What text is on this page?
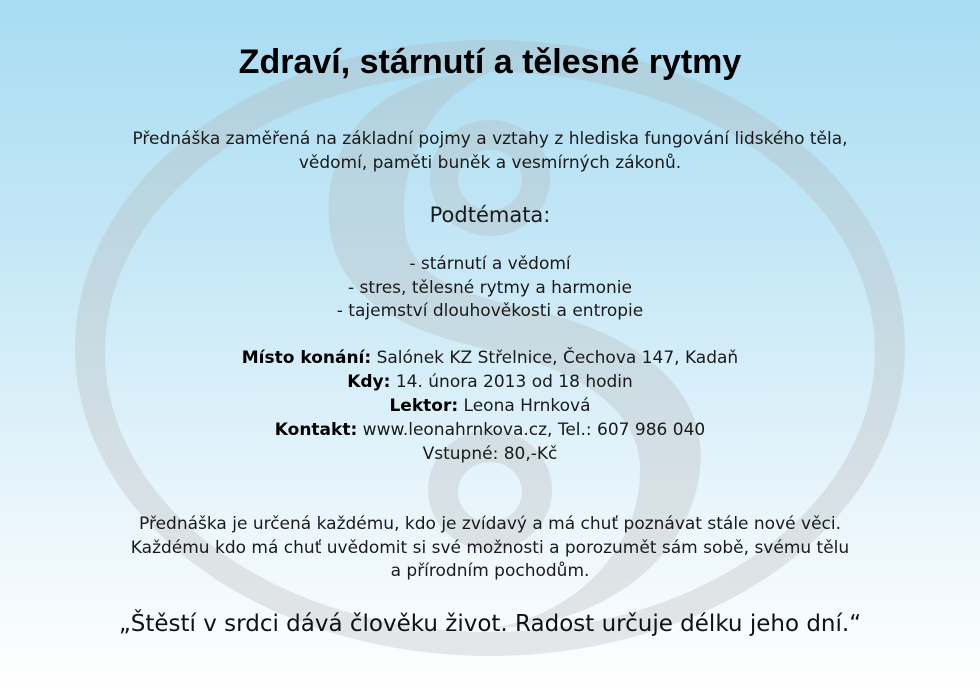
Zdraví, stárnutí a tělesné rytmy
Přednáška zaměřená na základní pojmy a vztahy z hlediska fungování lidského těla,
vědomí, paměti buněk a vesmírných zákonů.
Podtémata:
- stárnutí a vědomí
- stres, tělesné rytmy a harmonie
- tajemství dlouhověkosti a entropie
Místo konání: Salónek KZ Střelnice, Čechova 147, Kadaň
Kdy: 14. února 2013 od 18 hodin
Lektor: Leona Hrnková
Kontakt: www.leonahrnkova.cz, Tel.: 607 986 040
Vstupné: 80,-Kč
Přednáška je určená každému, kdo je zvídavý a má chuť poznávat stále nové věci.
Každému kdo má chuť uvědomit si své možnosti a porozumět sám sobě, svému tělu
a přírodním pochodům.
„Štěstí v srdci dává člověku život. Radost určuje délku jeho dní.“
